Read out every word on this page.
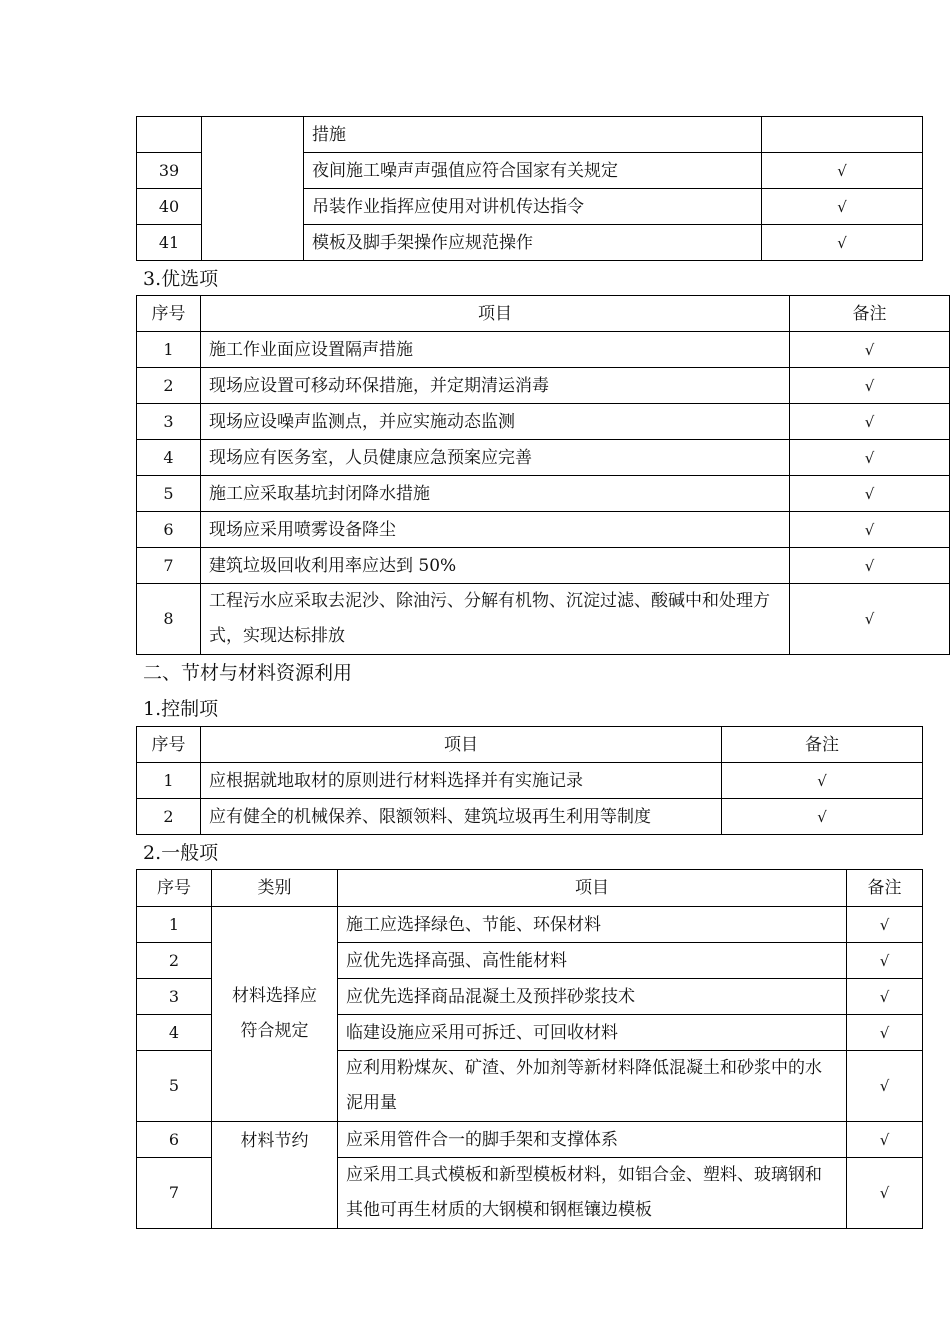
		措施	
39		夜间施工噪声声强值应符合国家有关规定	√
40		吊装作业指挥应使用对讲机传达指令	√
41		模板及脚手架操作应规范操作	√
3.优选项
序号	项目	备注
1	施工作业面应设置隔声措施	√
2	现场应设置可移动环保措施，并定期清运消毒	√
3	现场应设噪声监测点，并应实施动态监测	√
4	现场应有医务室，人员健康应急预案应完善	√
5	施工应采取基坑封闭降水措施	√
6	现场应采用喷雾设备降尘	√
7	建筑垃圾回收利用率应达到 50%	√
8	工程污水应采取去泥沙、除油污、分解有机物、沉淀过滤、酸碱中和处理方式，实现达标排放	√
二、节材与材料资源利用
1.控制项
序号	项目	备注
1	应根据就地取材的原则进行材料选择并有实施记录	√
2	应有健全的机械保养、限额领料、建筑垃圾再生利用等制度	√
2.一般项
序号	类别	项目	备注
1	材料选择应符合规定	施工应选择绿色、节能、环保材料	√
2		应优先选择高强、高性能材料	√
3		应优先选择商品混凝土及预拌砂浆技术	√
4		临建设施应采用可拆迁、可回收材料	√
5		应利用粉煤灰、矿渣、外加剂等新材料降低混凝土和砂浆中的水泥用量	√
6	材料节约	应采用管件合一的脚手架和支撑体系	√
7		应采用工具式模板和新型模板材料，如铝合金、塑料、玻璃钢和其他可再生材质的大钢模和钢框镶边模板	√
